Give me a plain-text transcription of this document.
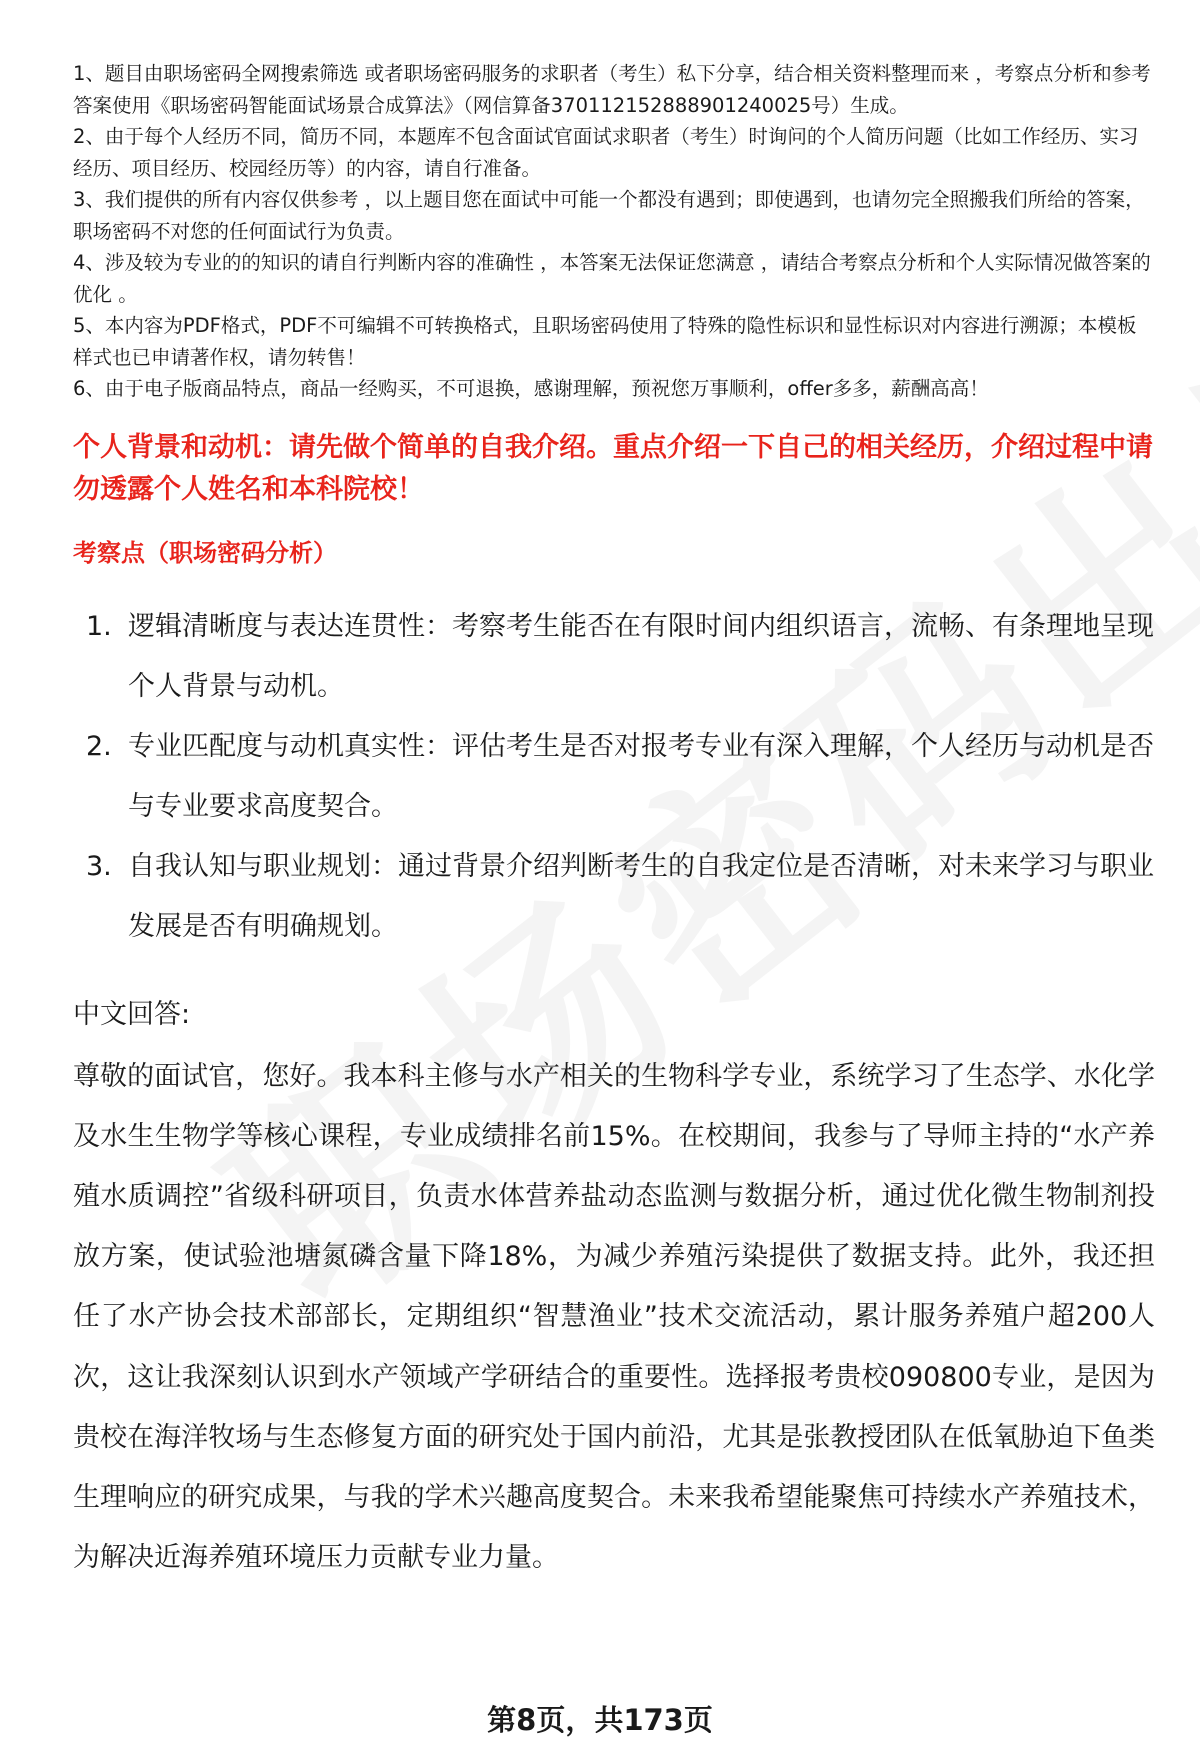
1、题目由职场密码全网搜索筛选 或者职场密码服务的求职者（考生）私下分享，结合相关资料整理而来 ，考察点分析和参考答案使用《职场密码智能面试场景合成算法》（网信算备370112152888901240025号）生成。

2、由于每个人经历不同，简历不同，本题库不包含面试官面试求职者（考生）时询问的个人简历问题（比如工作经历、实习经历、项目经历、校园经历等）的内容，请自行准备。

3、我们提供的所有内容仅供参考 ，以上题目您在面试中可能一个都没有遇到；即使遇到，也请勿完全照搬我们所给的答案，职场密码不对您的任何面试行为负责。

4、涉及较为专业的的知识的请自行判断内容的准确性 ，本答案无法保证您满意 ，请结合考察点分析和个人实际情况做答案的优化 。

5、本内容为PDF格式，PDF不可编辑不可转换格式，且职场密码使用了特殊的隐性标识和显性标识对内容进行溯源；本模板样式也已申请著作权，请勿转售！

6、由于电子版商品特点，商品一经购买，不可退换，感谢理解，预祝您万事顺利，offer多多，薪酬高高！

个人背景和动机：请先做个简单的自我介绍。重点介绍一下自己的相关经历，介绍过程中请勿透露个人姓名和本科院校！
考察点（职场密码分析）
1. 逻辑清晰度与表达连贯性：考察考生能否在有限时间内组织语言，流畅、有条理地呈现个人背景与动机。
2. 专业匹配度与动机真实性：评估考生是否对报考专业有深入理解，个人经历与动机是否与专业要求高度契合。
3. 自我认知与职业规划：通过背景介绍判断考生的自我定位是否清晰，对未来学习与职业发展是否有明确规划。
中文回答:
尊敬的面试官，您好。我本科主修与水产相关的生物科学专业，系统学习了生态学、水化学及水生生物学等核心课程，专业成绩排名前15%。在校期间，我参与了导师主持的“水产养殖水质调控”省级科研项目，负责水体营养盐动态监测与数据分析，通过优化微生物制剂投放方案，使试验池塘氮磷含量下降18%，为减少养殖污染提供了数据支持。此外，我还担任了水产协会技术部部长，定期组织“智慧渔业”技术交流活动，累计服务养殖户超200人次，这让我深刻认识到水产领域产学研结合的重要性。选择报考贵校090800专业，是因为贵校在海洋牧场与生态修复方面的研究处于国内前沿，尤其是张教授团队在低氧胁迫下鱼类生理响应的研究成果，与我的学术兴趣高度契合。未来我希望能聚焦可持续水产养殖技术，为解决近海养殖环境压力贡献专业力量。
第8页，共173页
